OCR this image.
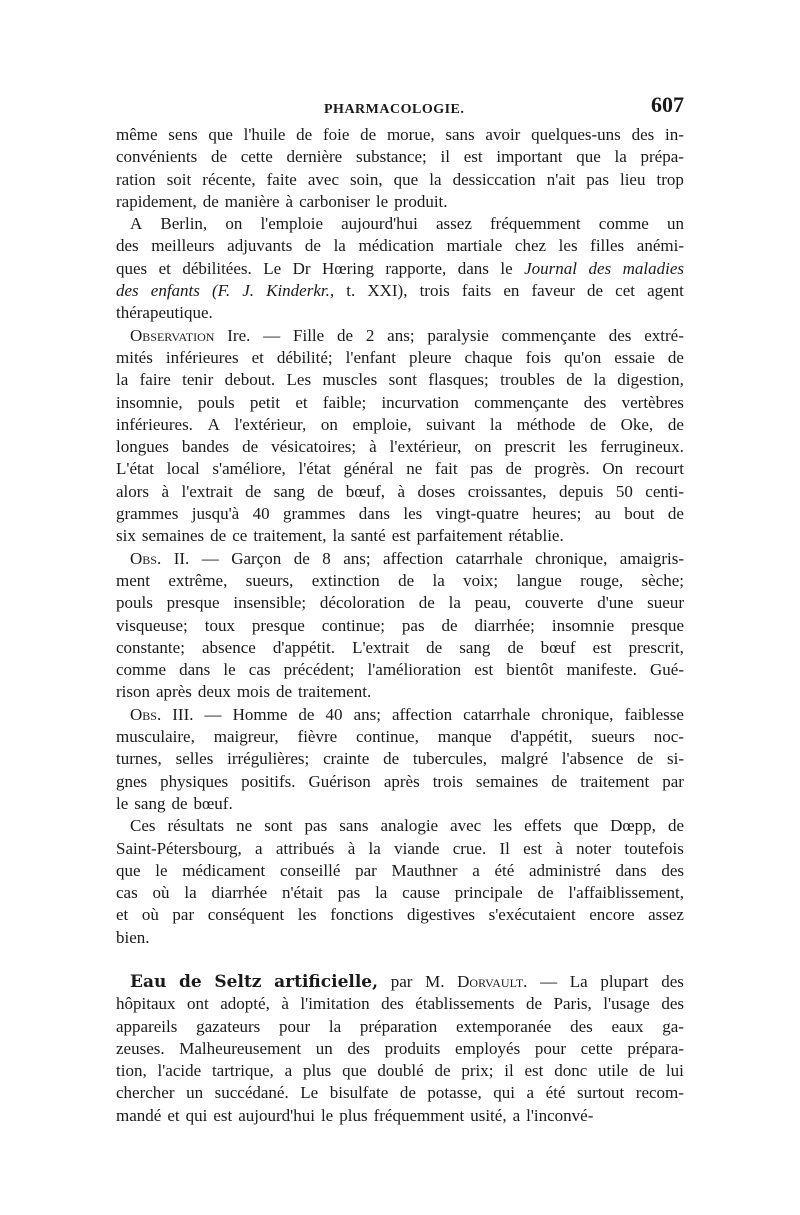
PHARMACOLOGIE.	607
même sens que l'huile de foie de morue, sans avoir quelques-uns des in-
convénients de cette dernière substance; il est important que la prépa-
ration soit récente, faite avec soin, que la dessiccation n'ait pas lieu trop
rapidement, de manière à carboniser le produit.
A Berlin, on l'emploie aujourd'hui assez fréquemment comme un
des meilleurs adjuvants de la médication martiale chez les filles anémi-
ques et débilitées. Le Dr Hœring rapporte, dans le Journal des maladies
des enfants (F. J. Kinderkr., t. XXI), trois faits en faveur de cet agent
thérapeutique.
Observation Ire. — Fille de 2 ans; paralysie commençante des extré-
mités inférieures et débilité; l'enfant pleure chaque fois qu'on essaie de
la faire tenir debout. Les muscles sont flasques; troubles de la digestion,
insomnie, pouls petit et faible; incurvation commençante des vertèbres
inférieures. A l'extérieur, on emploie, suivant la méthode de Oke, de
longues bandes de vésicatoires; à l'extérieur, on prescrit les ferrugineux.
L'état local s'améliore, l'état général ne fait pas de progrès. On recourt
alors à l'extrait de sang de bœuf, à doses croissantes, depuis 50 centi-
grammes jusqu'à 40 grammes dans les vingt-quatre heures; au bout de
six semaines de ce traitement, la santé est parfaitement rétablie.
Obs. II. — Garçon de 8 ans; affection catarrhale chronique, amaigris-
ment extrême, sueurs, extinction de la voix; langue rouge, sèche;
pouls presque insensible; décoloration de la peau, couverte d'une sueur
visqueuse; toux presque continue; pas de diarrhée; insomnie presque
constante; absence d'appétit. L'extrait de sang de bœuf est prescrit,
comme dans le cas précédent; l'amélioration est bientôt manifeste. Gué-
rison après deux mois de traitement.
Obs. III. — Homme de 40 ans; affection catarrhale chronique, faiblesse
musculaire, maigreur, fièvre continue, manque d'appétit, sueurs noc-
turnes, selles irrégulières; crainte de tubercules, malgré l'absence de si-
gnes physiques positifs. Guérison après trois semaines de traitement par
le sang de bœuf.
Ces résultats ne sont pas sans analogie avec les effets que Dœpp, de
Saint-Pétersbourg, a attribués à la viande crue. Il est à noter toutefois
que le médicament conseillé par Mauthner a été administré dans des
cas où la diarrhée n'était pas la cause principale de l'affaiblissement,
et où par conséquent les fonctions digestives s'exécutaient encore assez
bien.
Eau de Seltz artificielle, par M. Dorvault. — La plupart des
hôpitaux ont adopté, à l'imitation des établissements de Paris, l'usage des
appareils gazateurs pour la préparation extemporanée des eaux ga-
zeuses. Malheureusement un des produits employés pour cette prépara-
tion, l'acide tartrique, a plus que doublé de prix; il est donc utile de lui
chercher un succédané. Le bisulfate de potasse, qui a été surtout recom-
mandé et qui est aujourd'hui le plus fréquemment usité, a l'inconvé-
